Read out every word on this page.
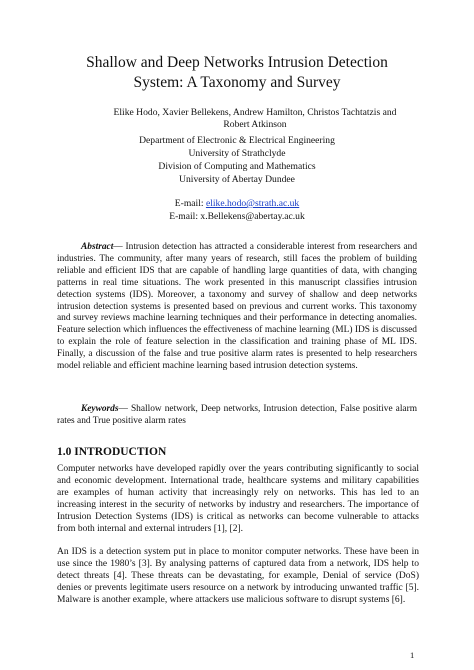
Shallow and Deep Networks Intrusion Detection
System: A Taxonomy and Survey
Elike Hodo, Xavier Bellekens, Andrew Hamilton, Christos Tachtatzis and Robert Atkinson
Department of Electronic & Electrical Engineering
University of Strathclyde
Division of Computing and Mathematics
University of Abertay Dundee
E-mail: elike.hodo@strath.ac.uk
E-mail: x.Bellekens@abertay.ac.uk
Abstract— Intrusion detection has attracted a considerable interest from researchers and industries. The community, after many years of research, still faces the problem of building reliable and efficient IDS that are capable of handling large quantities of data, with changing patterns in real time situations. The work presented in this manuscript classifies intrusion detection systems (IDS). Moreover, a taxonomy and survey of shallow and deep networks intrusion detection systems is presented based on previous and current works. This taxonomy and survey reviews machine learning techniques and their performance in detecting anomalies. Feature selection which influences the effectiveness of machine learning (ML) IDS is discussed to explain the role of feature selection in the classification and training phase of ML IDS. Finally, a discussion of the false and true positive alarm rates is presented to help researchers model reliable and efficient machine learning based intrusion detection systems.
Keywords— Shallow network, Deep networks, Intrusion detection, False positive alarm rates and True positive alarm rates
1.0 INTRODUCTION
Computer networks have developed rapidly over the years contributing significantly to social and economic development. International trade, healthcare systems and military capabilities are examples of human activity that increasingly rely on networks. This has led to an increasing interest in the security of networks by industry and researchers. The importance of Intrusion Detection Systems (IDS) is critical as networks can become vulnerable to attacks from both internal and external intruders [1], [2].
An IDS is a detection system put in place to monitor computer networks. These have been in use since the 1980’s [3]. By analysing patterns of captured data from a network, IDS help to detect threats [4]. These threats can be devastating, for example, Denial of service (DoS) denies or prevents legitimate users resource on a network by introducing unwanted traffic [5]. Malware is another example, where attackers use malicious software to disrupt systems [6].
1
